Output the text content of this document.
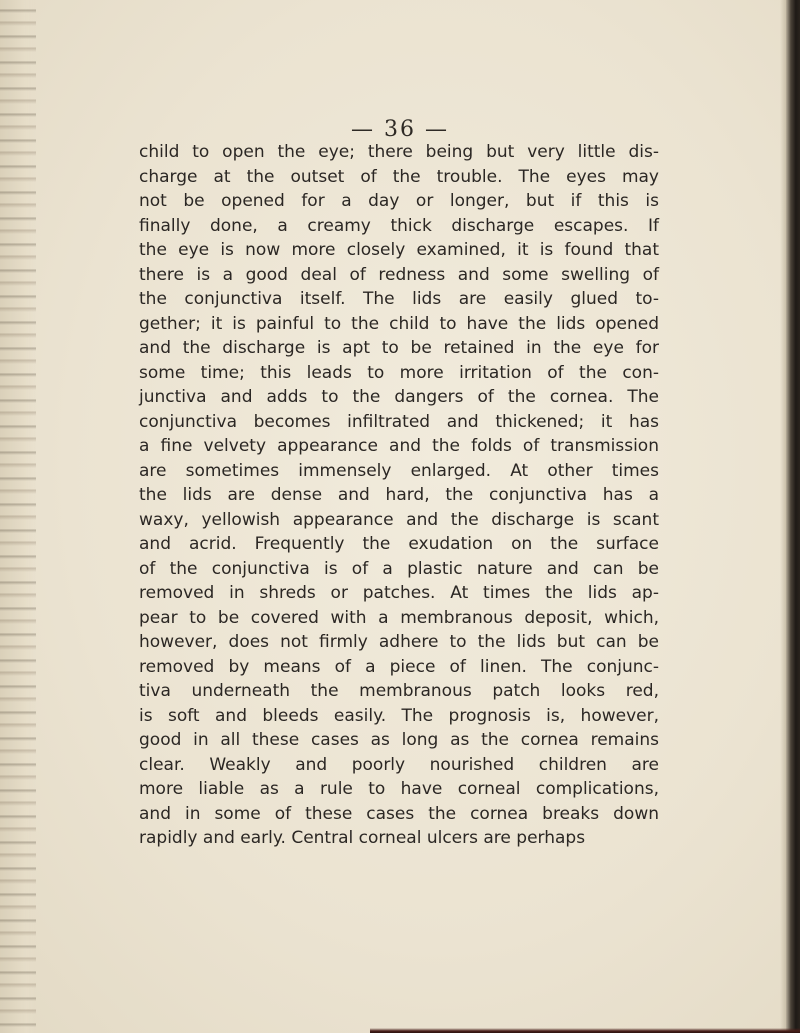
— 36 —
child to open the eye; there being but very little dis-
charge at the outset of the trouble. The eyes may
not be opened for a day or longer, but if this is
finally done, a creamy thick discharge escapes. If
the eye is now more closely examined, it is found that
there is a good deal of redness and some swelling of
the conjunctiva itself. The lids are easily glued to-
gether; it is painful to the child to have the lids opened
and the discharge is apt to be retained in the eye for
some time; this leads to more irritation of the con-
junctiva and adds to the dangers of the cornea. The
conjunctiva becomes infiltrated and thickened; it has
a fine velvety appearance and the folds of transmission
are sometimes immensely enlarged. At other times
the lids are dense and hard, the conjunctiva has a
waxy, yellowish appearance and the discharge is scant
and acrid. Frequently the exudation on the surface
of the conjunctiva is of a plastic nature and can be
removed in shreds or patches. At times the lids ap-
pear to be covered with a membranous deposit, which,
however, does not firmly adhere to the lids but can be
removed by means of a piece of linen. The conjunc-
tiva underneath the membranous patch looks red,
is soft and bleeds easily. The prognosis is, however,
good in all these cases as long as the cornea remains
clear. Weakly and poorly nourished children are
more liable as a rule to have corneal complications,
and in some of these cases the cornea breaks down
rapidly and early. Central corneal ulcers are perhaps
